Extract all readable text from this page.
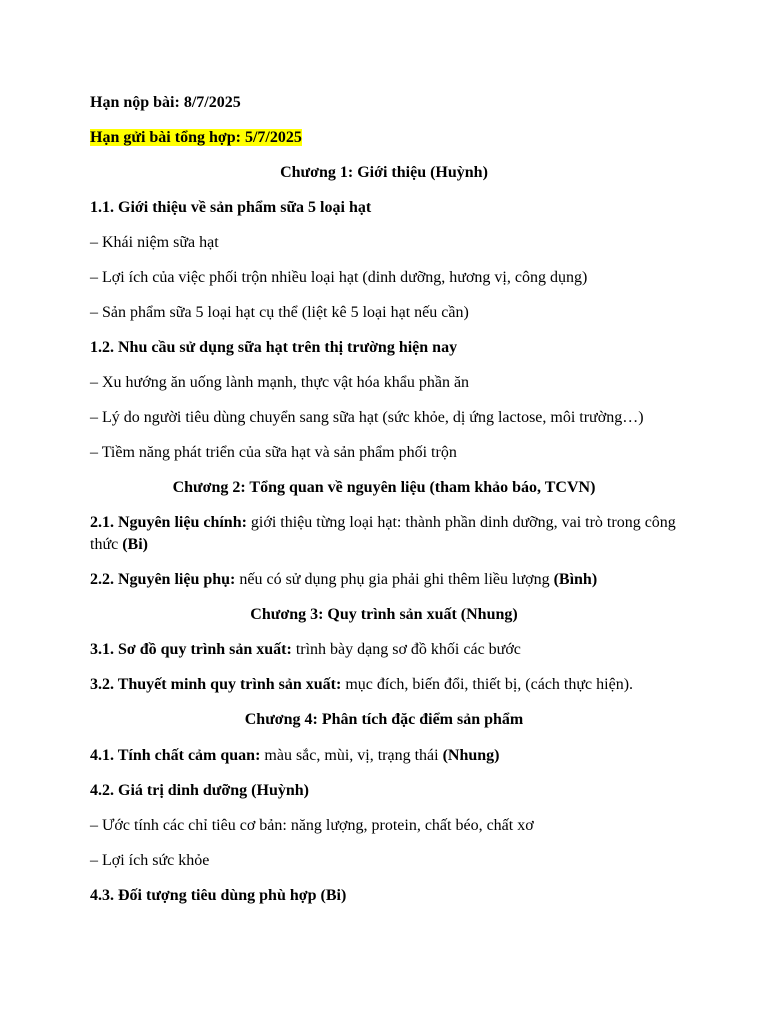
Hạn nộp bài: 8/7/2025
Hạn gửi bài tổng hợp: 5/7/2025
Chương 1: Giới thiệu (Huỳnh)
1.1. Giới thiệu về sản phẩm sữa 5 loại hạt
– Khái niệm sữa hạt
– Lợi ích của việc phối trộn nhiều loại hạt (dinh dưỡng, hương vị, công dụng)
– Sản phẩm sữa 5 loại hạt cụ thể (liệt kê 5 loại hạt nếu cần)
1.2. Nhu cầu sử dụng sữa hạt trên thị trường hiện nay
– Xu hướng ăn uống lành mạnh, thực vật hóa khẩu phần ăn
– Lý do người tiêu dùng chuyển sang sữa hạt (sức khỏe, dị ứng lactose, môi trường…)
– Tiềm năng phát triển của sữa hạt và sản phẩm phối trộn
Chương 2: Tổng quan về nguyên liệu (tham khảo báo, TCVN)
2.1. Nguyên liệu chính: giới thiệu từng loại hạt: thành phần dinh dưỡng, vai trò trong công thức (Bi)
2.2. Nguyên liệu phụ: nếu có sử dụng phụ gia phải ghi thêm liều lượng (Bình)
Chương 3: Quy trình sản xuất (Nhung)
3.1. Sơ đồ quy trình sản xuất: trình bày dạng sơ đồ khối các bước
3.2. Thuyết minh quy trình sản xuất: mục đích, biến đổi, thiết bị, (cách thực hiện).
Chương 4: Phân tích đặc điểm sản phẩm
4.1. Tính chất cảm quan: màu sắc, mùi, vị, trạng thái (Nhung)
4.2. Giá trị dinh dưỡng (Huỳnh)
– Ước tính các chỉ tiêu cơ bản: năng lượng, protein, chất béo, chất xơ
– Lợi ích sức khỏe
4.3. Đối tượng tiêu dùng phù hợp (Bi)
